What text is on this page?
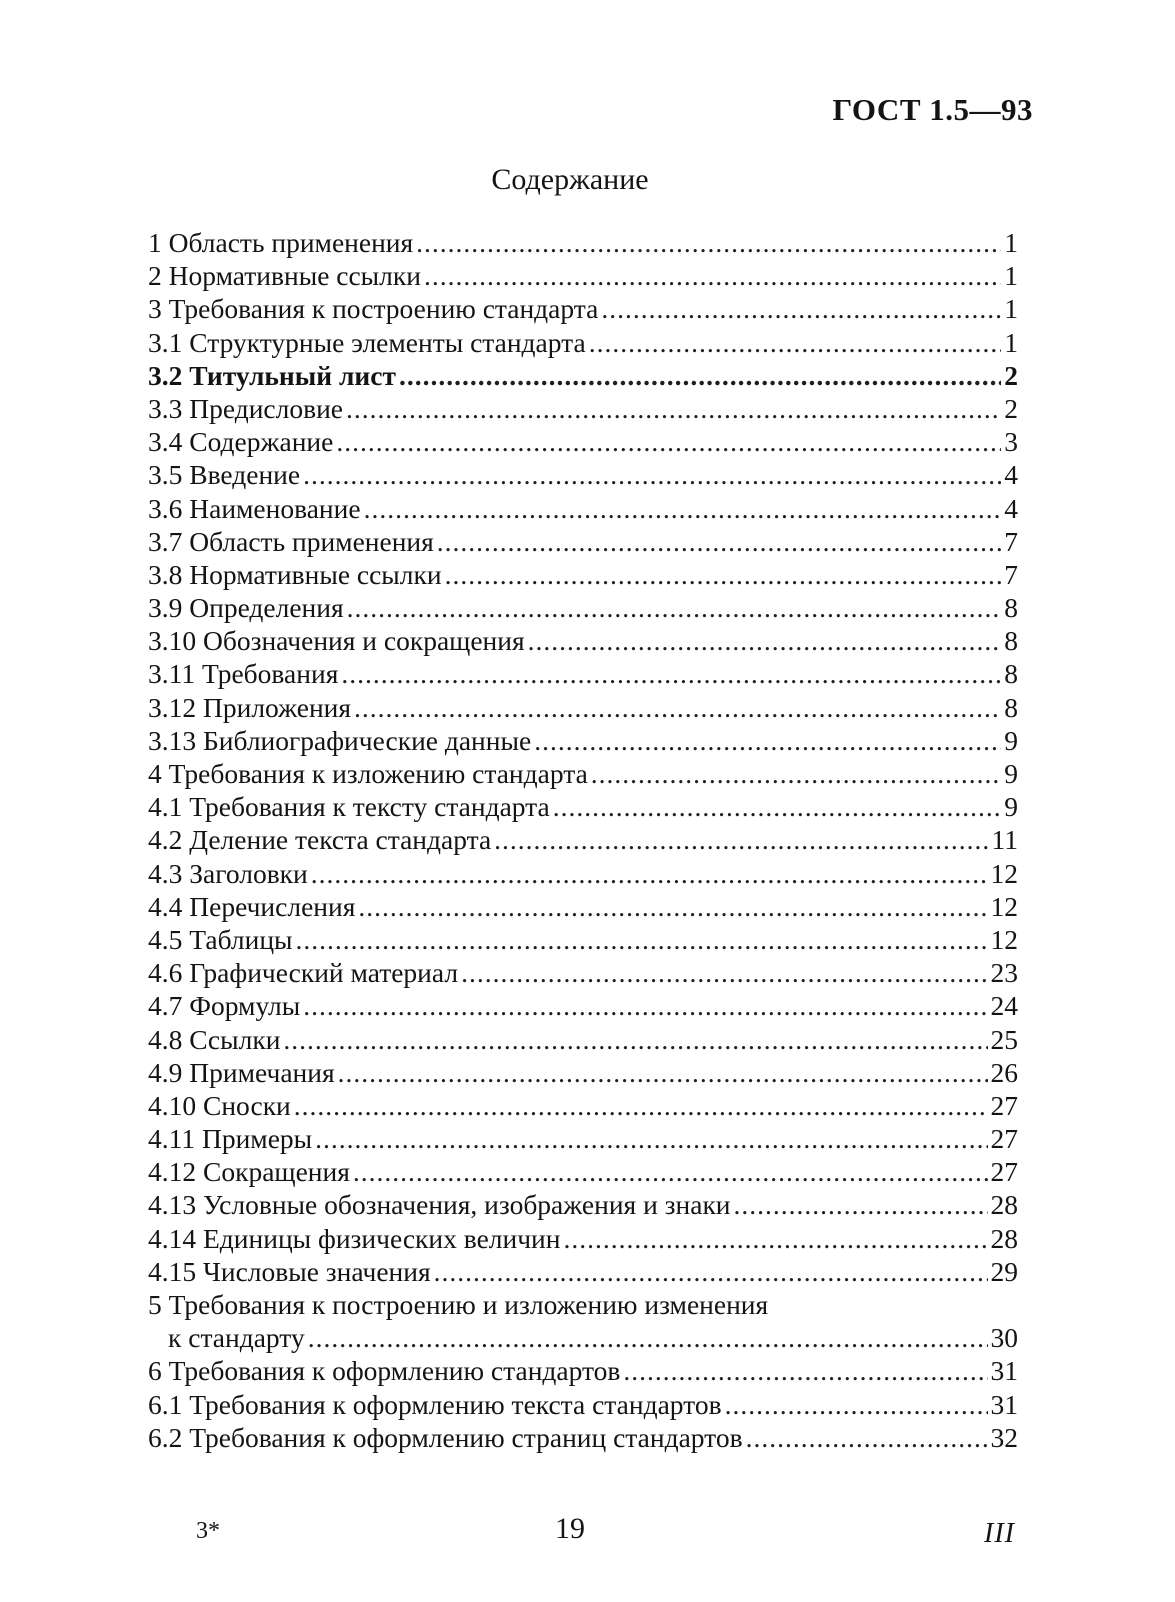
ГОСТ 1.5—93
Содержание
1 Область применения .....	1
2 Нормативные ссылки .....	1
3 Требования к построению стандарта .....	1
3.1 Структурные элементы стандарта .....	1
3.2 Титульный лист .....	2
3.3 Предисловие .....	2
3.4 Содержание .....	3
3.5 Введение .....	4
3.6 Наименование .....	4
3.7 Область применения .....	7
3.8 Нормативные ссылки .....	7
3.9 Определения .....	8
3.10 Обозначения и сокращения .....	8
3.11 Требования .....	8
3.12 Приложения .....	8
3.13 Библиографические данные .....	9
4 Требования к изложению стандарта .....	9
4.1 Требования к тексту стандарта .....	9
4.2 Деление текста стандарта .....	11
4.3 Заголовки .....	12
4.4 Перечисления .....	12
4.5 Таблицы .....	12
4.6 Графический материал .....	23
4.7 Формулы .....	24
4.8 Ссылки .....	25
4.9 Примечания .....	26
4.10 Сноски .....	27
4.11 Примеры .....	27
4.12 Сокращения .....	27
4.13 Условные обозначения, изображения и знаки .....	28
4.14 Единицы физических величин .....	28
4.15 Числовые значения .....	29
5 Требования к построению и изложению изменения
к стандарту .....	30
6 Требования к оформлению стандартов .....	31
6.1 Требования к оформлению текста стандартов .....	31
6.2 Требования к оформлению страниц стандартов .....	32
3*	19	III
